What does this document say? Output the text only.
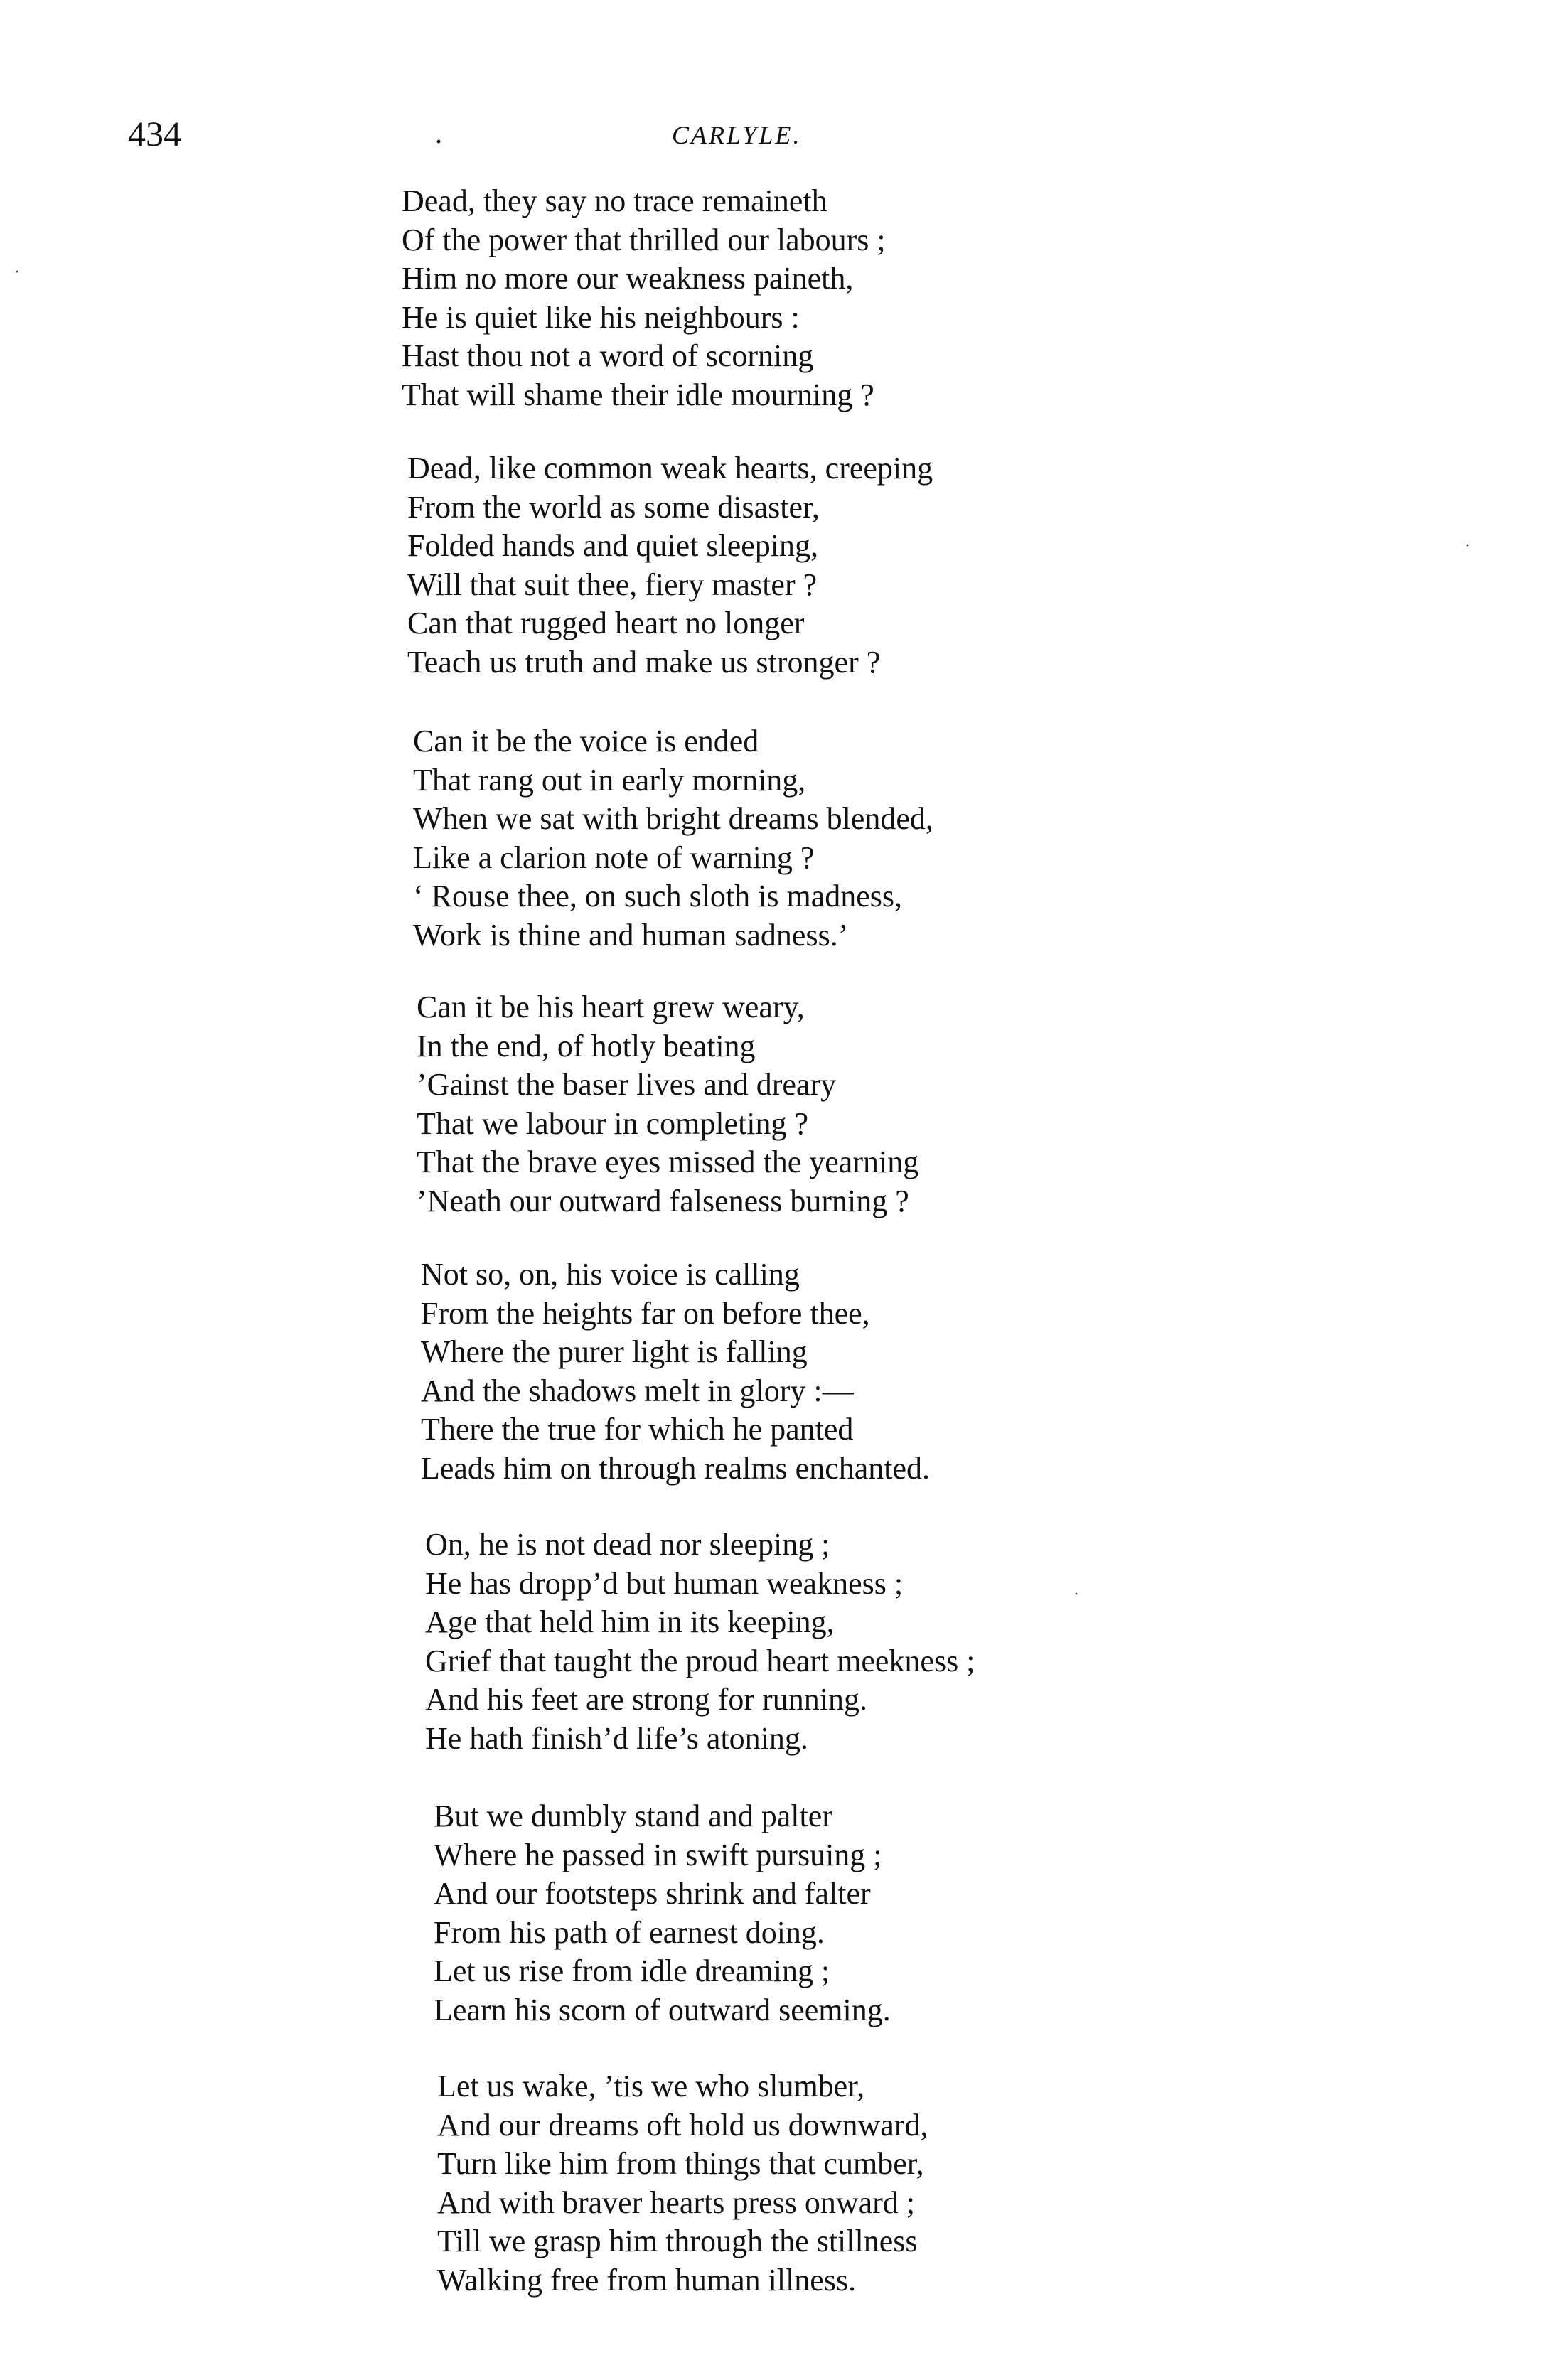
434	.	CARLYLE.
Dead, they say no trace remaineth
Of the power that thrilled our labours ;
Him no more our weakness paineth,
He is quiet like his neighbours :
Hast thou not a word of scorning
That will shame their idle mourning ?
Dead, like common weak hearts, creeping
From the world as some disaster,
Folded hands and quiet sleeping,
Will that suit thee, fiery master ?
Can that rugged heart no longer
Teach us truth and make us stronger ?
Can it be the voice is ended
That rang out in early morning,
When we sat with bright dreams blended,
Like a clarion note of warning ?
‘ Rouse thee, on such sloth is madness,
Work is thine and human sadness.’
Can it be his heart grew weary,
In the end, of hotly beating
’Gainst the baser lives and dreary
That we labour in completing ?
That the brave eyes missed the yearning
’Neath our outward falseness burning ?
Not so, on, his voice is calling
From the heights far on before thee,
Where the purer light is falling
And the shadows melt in glory :—
There the true for which he panted
Leads him on through realms enchanted.
On, he is not dead nor sleeping ;
He has dropp’d but human weakness ;
Age that held him in its keeping,
Grief that taught the proud heart meekness ;
And his feet are strong for running.
He hath finish’d life’s atoning.
But we dumbly stand and palter
Where he passed in swift pursuing ;
And our footsteps shrink and falter
From his path of earnest doing.
Let us rise from idle dreaming ;
Learn his scorn of outward seeming.
Let us wake, ’tis we who slumber,
And our dreams oft hold us downward,
Turn like him from things that cumber,
And with braver hearts press onward ;
Till we grasp him through the stillness
Walking free from human illness.
·
·
·
